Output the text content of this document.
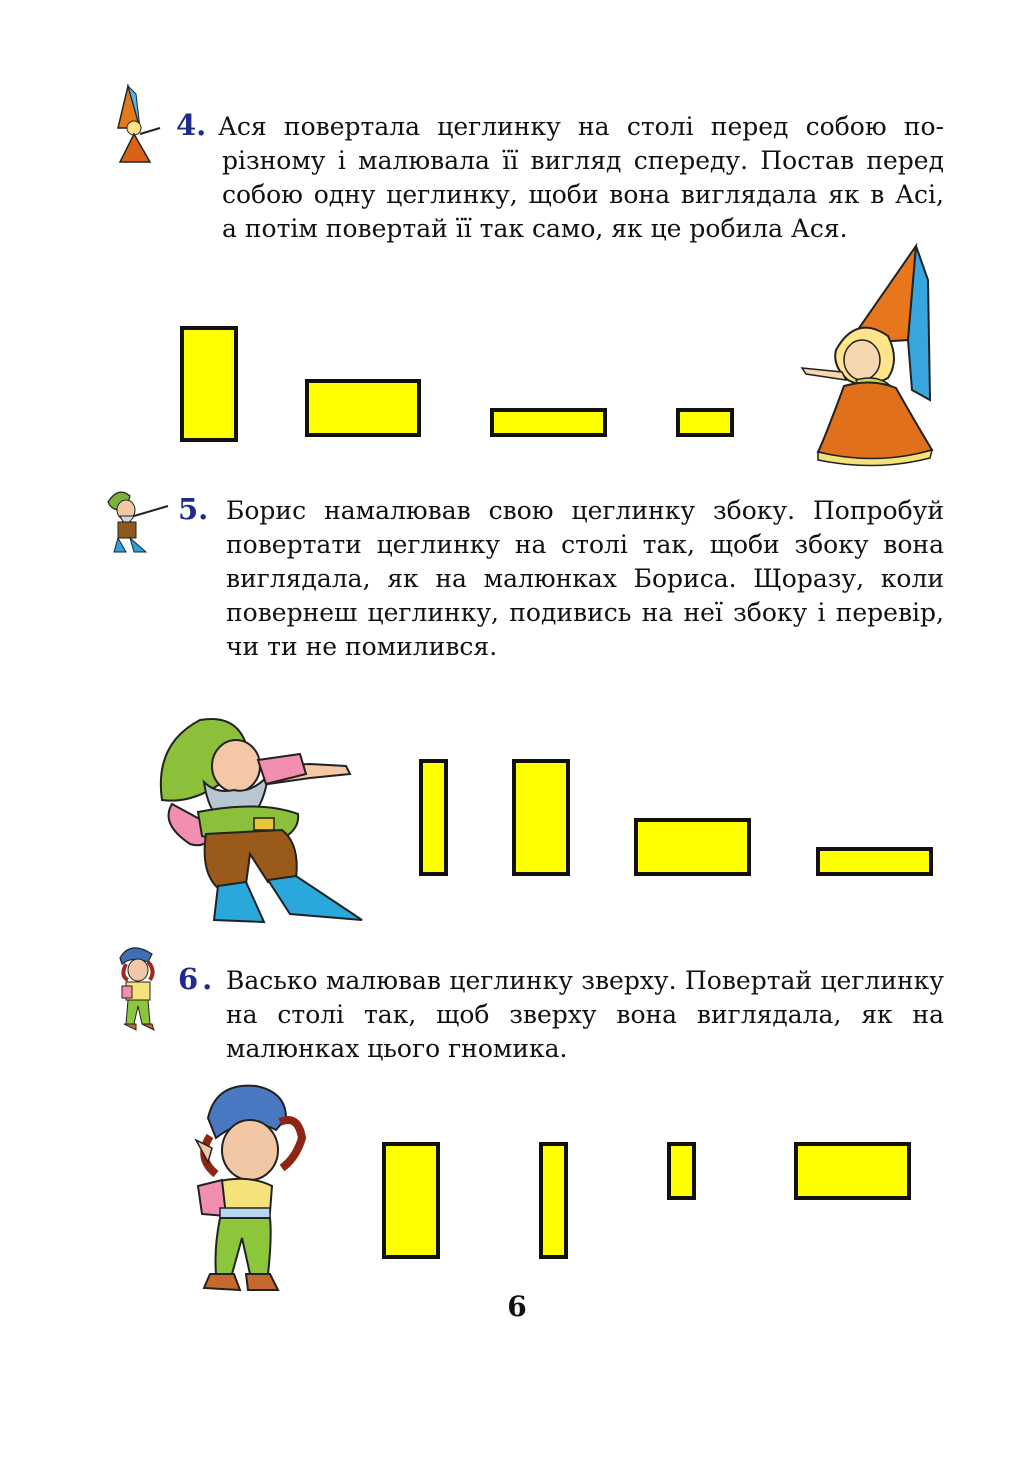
4. Ася повертала цеглинку на столі перед собою по-різному і малювала її вигляд спереду. Постав перед собою одну цеглинку, щоби вона виглядала як в Асі, а потім повертай її так само, як це робила Ася.

5. Борис намалював свою цеглинку збоку. Попробуй повертати цеглинку на столі так, щоби збоку вона виглядала, як на малюнках Бориса. Щоразу, коли повернеш цеглинку, подивись на неї збоку і перевір, чи ти не помилився.

6. Васько малював цеглинку зверху. Повертай цеглинку на столі так, щоб зверху вона виглядала, як на малюнках цього гномика.

6
